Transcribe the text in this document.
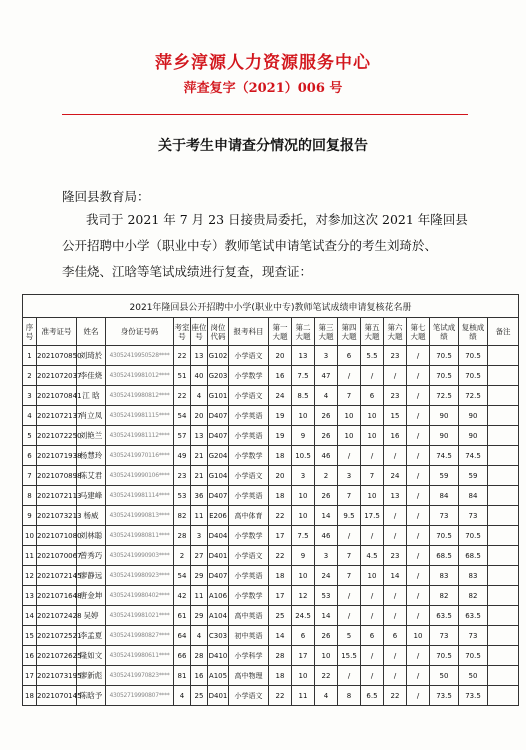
萍乡淳源人力资源服务中心
萍查复字（2021）006 号
关于考生申请查分情况的回复报告
隆回县教育局：
我司于 2021 年 7 月 23 日接贵局委托，对参加这次 2021 年隆回县
公开招聘中小学（职业中专）教师笔试申请笔试查分的考生刘琦於、
李佳烧、江晗等笔试成绩进行复查，现查证：
2021年隆回县公开招聘中小学(职业中专)教师笔试成绩申请复核花名册																	
序号	准考证号	姓名	身份证号码	考室号	座位号	岗位代码	报考科目	第一大题	第二大题	第三大题	第四大题	第五大题	第六大题	第七大题	笔试成绩	复核成绩	备注
1	2021070850	刘琦於	43052419950528****	22	13	G102	小学语文	20	13	3	6	5.5	23	/	70.5	70.5	
2	2021072037	李佳烧	43052419981012****	51	40	G203	小学数学	16	7.5	47	/	/	/	/	70.5	70.5	
3	2021070841	江 晗	43052419980812****	22	4	G101	小学语文	24	8.5	4	7	6	23	/	72.5	72.5	
4	2021072137	肖立凤	43052419981115****	54	20	D407	小学英语	19	10	26	10	10	15	/	90	90	
5	2021072250	刘艳兰	43052419981112****	57	13	D407	小学英语	19	9	26	10	10	16	/	90	90	
6	2021071938	杨慧玲	43052419970116****	49	21	G204	小学数学	18	10.5	46	/	/	/	/	74.5	74.5	
7	2021070898	陈艾君	43052419990106****	23	21	G104	小学语文	20	3	2	3	7	24	/	59	59	
8	2021072113	马建峰	43052419981114****	53	36	D407	小学英语	18	10	26	7	10	13	/	84	84	
9	2021073213	杨威	43052419990813****	82	11	E206	高中体育	22	10	14	9.5	17.5	/	/	73	73	
10	2021071080	刘林聪	43052419980811****	28	3	D404	小学数学	17	7.5	46	/	/	/	/	70.5	70.5	
11	2021070067	曾秀巧	43052419990903****	2	27	D401	小学语文	22	9	3	7	4.5	23	/	68.5	68.5	
12	2021072145	廖静远	43052419980923****	54	29	D407	小学英语	18	10	24	7	10	14	/	83	83	
13	2021071648	唐金坤	43052419980402****	42	11	A106	小学数学	17	12	53	/	/	/	/	82	82	
14	2021072428	吴婷	43052419981021****	61	29	A104	高中英语	25	24.5	14	/	/	/	/	63.5	63.5	
15	2021072521	李孟夏	43052419980827****	64	4	C303	初中英语	14	6	26	5	6	6	10	73	73	
16	2021072625	隆如文	43052419980611****	66	28	D410	小学科学	28	17	10	15.5	/	/	/	70.5	70.5	
17	2021073195	廖新彪	43052419970823****	81	16	A105	高中物理	18	10	22	/	/	/	/	50	50	
18	2021070145	陈晗予	43052719990807****	4	25	D401	小学语文	22	11	4	8	6.5	22	/	73.5	73.5	
